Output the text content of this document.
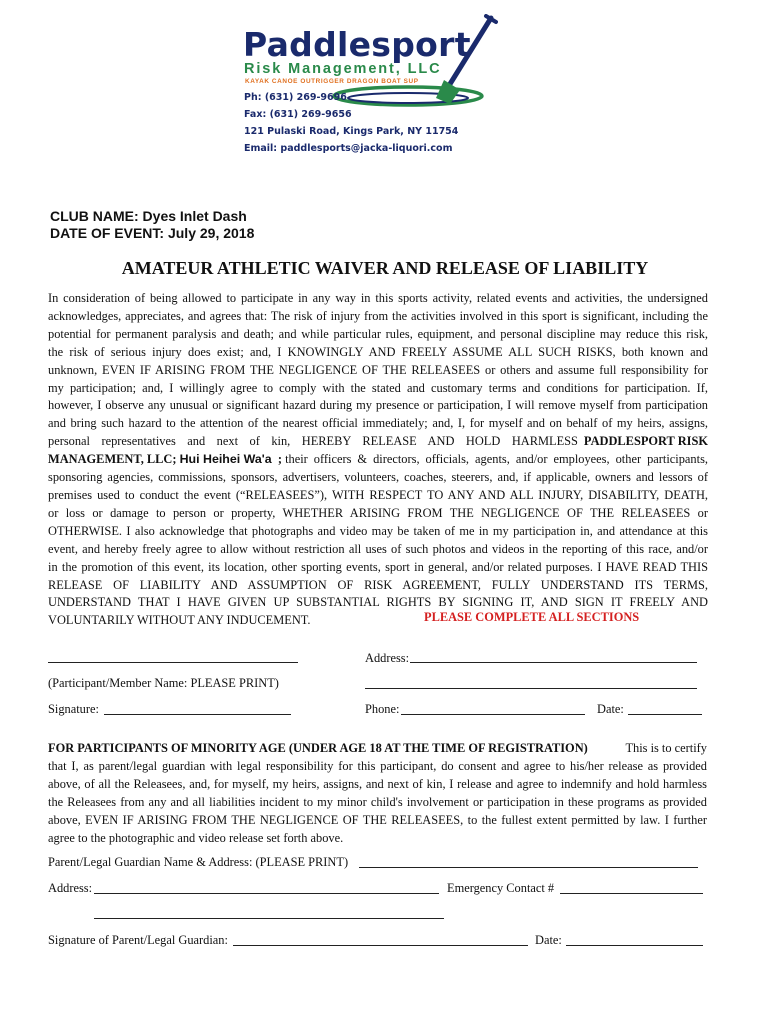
Paddlesport
Risk Management, LLC
KAYAK CANOE OUTRIGGER DRAGON BOAT SUP
Ph: (631) 269-9696
Fax: (631) 269-9656
121 Pulaski Road, Kings Park, NY 11754
Email: paddlesports@jacka-liquori.com
CLUB NAME: Dyes Inlet Dash
DATE OF EVENT: July 29, 2018
AMATEUR ATHLETIC WAIVER AND RELEASE OF LIABILITY
In consideration of being allowed to participate in any way in this sports activity, related events and activities, the undersigned
acknowledges, appreciates, and agrees that: The risk of injury from the activities involved in this sport is significant, including the
potential for permanent paralysis and death; and while particular rules, equipment, and personal discipline may reduce this risk,
the risk of serious injury does exist; and, I KNOWINGLY AND FREELY ASSUME ALL SUCH RISKS, both known and
unknown, EVEN IF ARISING FROM THE NEGLIGENCE OF THE RELEASEES or others and assume full responsibility for
my participation; and, I willingly agree to comply with the stated and customary terms and conditions for participation. If,
however, I observe any unusual or significant hazard during my presence or participation, I will remove myself from participation
and bring such hazard to the attention of the nearest official immediately; and, I, for myself and on behalf of my heirs, assigns,
personal representatives and next of kin, HEREBY RELEASE AND HOLD HARMLESS PADDLESPORT RISK
MANAGEMENT, LLC;
Hui Heihei Wa'a
;
their officers & directors, officials, agents, and/or employees, other participants,
sponsoring agencies, commissions, sponsors, advertisers, volunteers, coaches, steerers, and, if applicable, owners and lessors of
premises used to conduct the event (“RELEASEES”), WITH RESPECT TO ANY AND ALL INJURY, DISABILITY, DEATH,
or loss or damage to person or property, WHETHER ARISING FROM THE NEGLIGENCE OF THE RELEASEES or
OTHERWISE. I also acknowledge that photographs and video may be taken of me in my participation in, and attendance at this
event, and hereby freely agree to allow without restriction all uses of such photos and videos in the reporting of this race, and/or
in the promotion of this event, its location, other sporting events, sport in general, and/or related purposes. I HAVE READ THIS
RELEASE OF LIABILITY AND ASSUMPTION OF RISK AGREEMENT, FULLY UNDERSTAND ITS TERMS,
UNDERSTAND THAT I HAVE GIVEN UP SUBSTANTIAL RIGHTS BY SIGNING IT, AND SIGN IT FREELY AND
VOLUNTARILY WITHOUT ANY INDUCEMENT.	PLEASE COMPLETE ALL SECTIONS
Address:
(Participant/Member Name: PLEASE PRINT)
Signature:	Phone:	Date:
FOR PARTICIPANTS OF MINORITY AGE (UNDER AGE 18 AT THE TIME OF REGISTRATION)
	This is to certify
that I, as parent/legal guardian with legal responsibility for this participant, do consent and agree to his/her release as provided
above, of all the Releasees, and, for myself, my heirs, assigns, and next of kin, I release and agree to indemnify and hold harmless
the Releasees from any and all liabilities incident to my minor child's involvement or participation in these programs as provided
above, EVEN IF ARISING FROM THE NEGLIGENCE OF THE RELEASEES, to the fullest extent permitted by law. I further
agree to the photographic and video release set forth above.
Parent/Legal Guardian Name & Address: (PLEASE PRINT)
Address:	Emergency Contact #
Signature of Parent/Legal Guardian:	Date:
